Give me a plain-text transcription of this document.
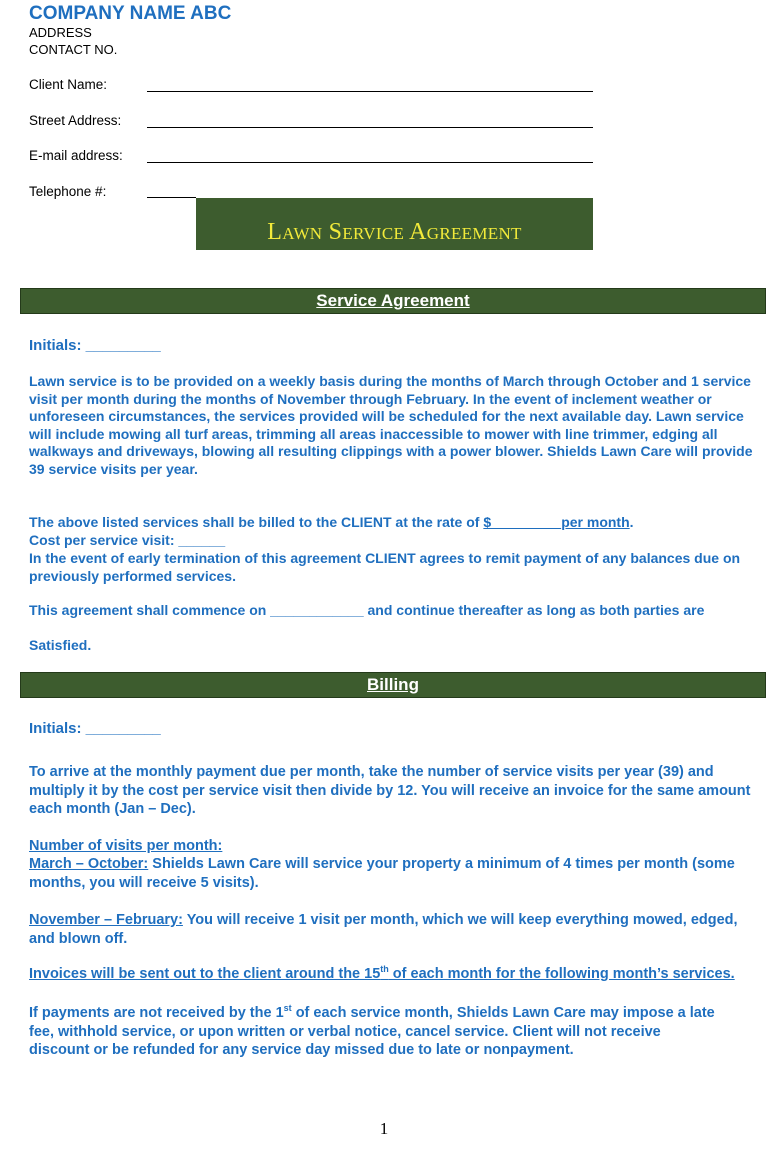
COMPANY NAME ABC
ADDRESS
CONTACT NO.
Client Name:
Street Address:
E-mail address:
Telephone #:
Lawn Service Agreement
Service Agreement
Initials: _________
Lawn service is to be provided on a weekly basis during the months of March through October and 1 service visit per month during the months of November through February. In the event of inclement weather or unforeseen circumstances, the services provided will be scheduled for the next available day. Lawn service will include mowing all turf areas, trimming all areas inaccessible to mower with line trimmer, edging all walkways and driveways, blowing all resulting clippings with a power blower. Shields Lawn Care will provide 39 service visits per year.
The above listed services shall be billed to the CLIENT at the rate of $_________per month.
Cost per service visit: ______
In the event of early termination of this agreement CLIENT agrees to remit payment of any balances due on previously performed services.
This agreement shall commence on ____________ and continue thereafter as long as both parties are
Satisfied.
Billing
Initials: _________
To arrive at the monthly payment due per month, take the number of service visits per year (39) and multiply it by the cost per service visit then divide by 12. You will receive an invoice for the same amount each month (Jan – Dec).
Number of visits per month:
March – October: Shields Lawn Care will service your property a minimum of 4 times per month (some months, you will receive 5 visits).
November – February: You will receive 1 visit per month, which we will keep everything mowed, edged, and blown off.
Invoices will be sent out to the client around the 15th of each month for the following month’s services.
If payments are not received by the 1st of each service month, Shields Lawn Care may impose a late fee, withhold service, or upon written or verbal notice, cancel service. Client will not receive discount or be refunded for any service day missed due to late or nonpayment.
1
